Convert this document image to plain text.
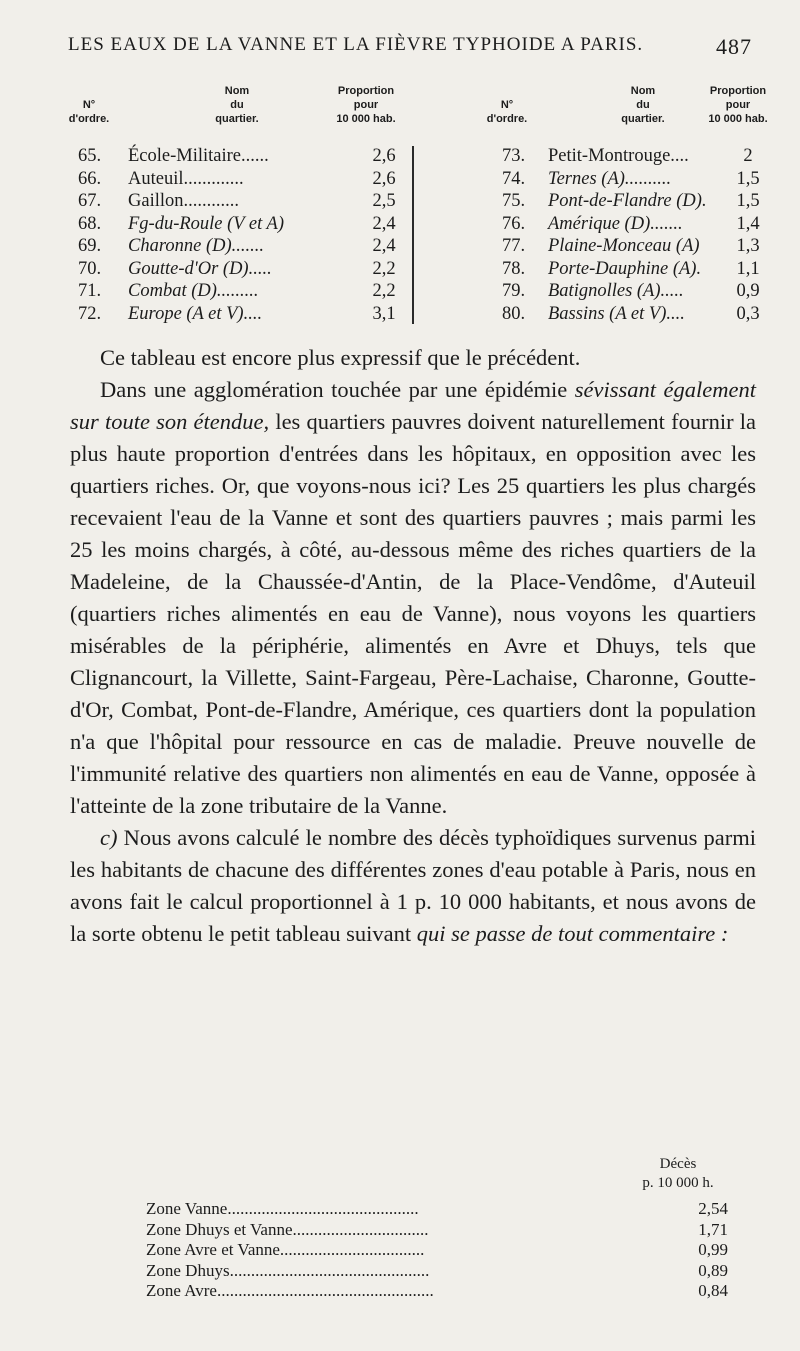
LES EAUX DE LA VANNE ET LA FIÈVRE TYPHOIDE A PARIS.	487
N°
d'ordre.
Nom
du
quartier.
Proportion
pour
10 000 hab.
65. École-Militaire......	2,6
66. Auteuil.............	2,6
67. Gaillon............	2,5
68. Fg-du-Roule (V et A)	2,4
69. Charonne (D).......	2,4
70. Goutte-d'Or (D).....	2,2
71. Combat (D).........	2,2
72. Europe (A et V)....	3,1
N°
d'ordre.
Nom
du
quartier.
Proportion
pour
10 000 hab.
73. Petit-Montrouge....	2
74. Ternes (A)..........	1,5
75. Pont-de-Flandre (D).	1,5
76. Amérique (D).......	1,4
77. Plaine-Monceau (A)	1,3
78. Porte-Dauphine (A).	1,1
79. Batignolles (A).....	0,9
80. Bassins (A et V)....	0,3

Ce tableau est encore plus expressif que le précédent.

Dans une agglomération touchée par une épidémie sévissant également sur toute son étendue, les quartiers pauvres doivent naturellement fournir la plus haute proportion d'entrées dans les hôpitaux, en opposition avec les quartiers riches. Or, que voyons-nous ici? Les 25 quartiers les plus chargés recevaient l'eau de la Vanne et sont des quartiers pauvres ; mais parmi les 25 les moins chargés, à côté, au-dessous même des riches quartiers de la Madeleine, de la Chaussée-d'Antin, de la Place-Vendôme, d'Auteuil (quartiers riches alimentés en eau de Vanne), nous voyons les quartiers misérables de la périphérie, alimentés en Avre et Dhuys, tels que Clignancourt, la Villette, Saint-Fargeau, Père-Lachaise, Charonne, Goutte-d'Or, Combat, Pont-de-Flandre, Amérique, ces quartiers dont la population n'a que l'hôpital pour ressource en cas de maladie. Preuve nouvelle de l'immunité relative des quartiers non alimentés en eau de Vanne, opposée à l'atteinte de la zone tributaire de la Vanne.

c) Nous avons calculé le nombre des décès typhoïdiques survenus parmi les habitants de chacune des différentes zones d'eau potable à Paris, nous en avons fait le calcul proportionnel à 1 p. 10 000 habitants, et nous avons de la sorte obtenu le petit tableau suivant qui se passe de tout commentaire :

Décès
p. 10 000 h.
Zone Vanne.............................................	2,54
Zone Dhuys et Vanne................................	1,71
Zone Avre et Vanne..................................	0,99
Zone Dhuys...............................................	0,89
Zone Avre...................................................	0,84
